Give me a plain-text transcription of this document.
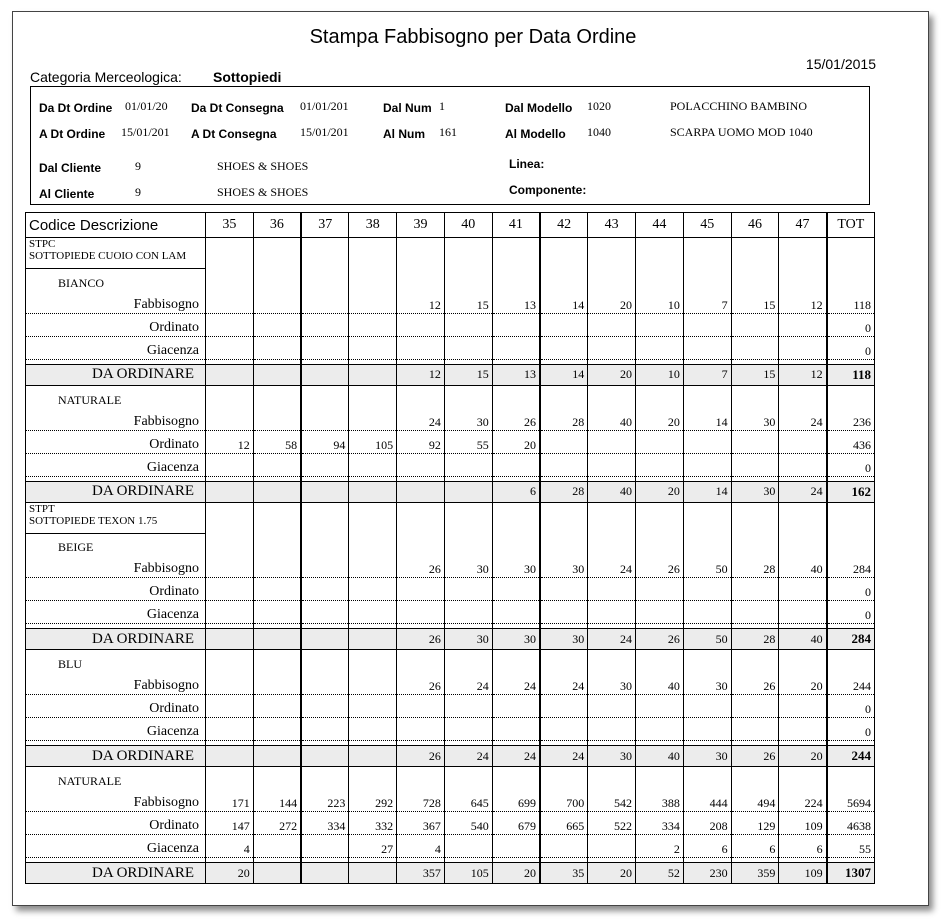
Stampa Fabbisogno per Data Ordine
15/01/2015
Categoria Merceologica: Sottopiedi
Da Dt Ordine 01/01/20
A Dt Ordine 15/01/201
Da Dt Consegna 01/01/201
A Dt Consegna 15/01/201
Dal Num 1
Al Num 161
Dal Modello 1020	POLACCHINO BAMBINO
Al Modello 1040	SCARPA UOMO MOD 1040
Dal Cliente	9	SHOES & SHOES
Al Cliente	9	SHOES & SHOES
Linea:
Componente:
Codice Descrizione	35	36	37	38	39	40	41	42	43	44	45	46	47	TOT

STPC
SOTTOPIEDE CUOIO CON LAM														

BIANCO														
Fabbisogno					12	15	13	14	20	10	7	15	12	118
Ordinato														0
Giacenza														0

DA ORDINARE					12	15	13	14	20	10	7	15	12	118
NATURALE														
Fabbisogno					24	30	26	28	40	20	14	30	24	236
Ordinato	12	58	94	105	92	55	20							436
Giacenza														0

DA ORDINARE							6	28	40	20	14	30	24	162

STPT
SOTTOPIEDE TEXON 1.75														

BEIGE														
Fabbisogno					26	30	30	30	24	26	50	28	40	284
Ordinato														0
Giacenza														0

DA ORDINARE					26	30	30	30	24	26	50	28	40	284
BLU														
Fabbisogno					26	24	24	24	30	40	30	26	20	244
Ordinato														0
Giacenza														0

DA ORDINARE					26	24	24	24	30	40	30	26	20	244
NATURALE														
Fabbisogno	171	144	223	292	728	645	699	700	542	388	444	494	224	5694
Ordinato	147	272	334	332	367	540	679	665	522	334	208	129	109	4638
Giacenza	4			27	4					2	6	6	6	55

DA ORDINARE	20				357	105	20	35	20	52	230	359	109	1307
